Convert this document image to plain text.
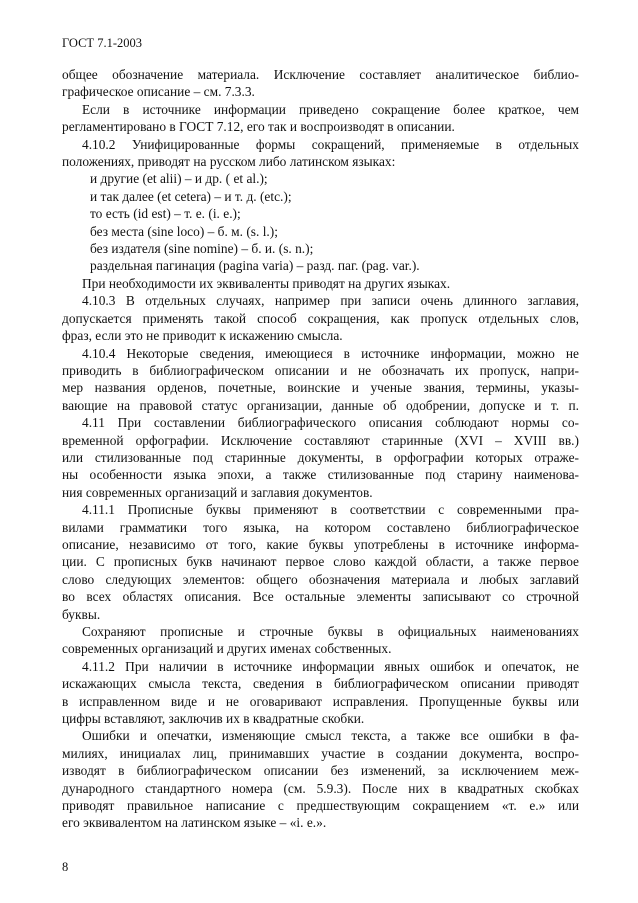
ГОСТ 7.1-2003

общее обозначение материала. Исключение составляет аналитическое библио-

графическое описание – см. 7.3.3.

Если в источнике информации приведено сокращение более краткое, чем

регламентировано в ГОСТ 7.12, его так и воспроизводят в описании.

4.10.2 Унифицированные формы сокращений, применяемые в отдельных

положениях, приводят на русском либо латинском языках:

и другие (et alii) – и др. ( et al.);

и так далее (et cetera) – и т. д. (etc.);

то есть (id est) – т. е. (i. e.);

без места (sine loco) – б. м. (s. l.);

без издателя (sine nomine) – б. и. (s. n.);

раздельная пагинация (pagina varia) – разд. паг. (pag. var.).

При необходимости их эквиваленты приводят на других языках.

4.10.3 В отдельных случаях, например при записи очень длинного заглавия,

допускается применять такой способ сокращения, как пропуск отдельных слов,

фраз, если это не приводит к искажению смысла.

4.10.4 Некоторые сведения, имеющиеся в источнике информации, можно не

приводить в библиографическом описании и не обозначать их пропуск, напри-

мер названия орденов, почетные, воинские и ученые звания, термины, указы-

вающие на правовой статус организации, данные об одобрении, допуске и т. п.

4.11 При составлении библиографического описания соблюдают нормы со-

временной орфографии. Исключение составляют старинные (XVI – XVIII вв.)

или стилизованные под старинные документы, в орфографии которых отраже-

ны особенности языка эпохи, а также стилизованные под старину наименова-

ния современных организаций и заглавия документов.

4.11.1 Прописные буквы применяют в соответствии с современными пра-

вилами грамматики того языка, на котором составлено библиографическое

описание, независимо от того, какие буквы употреблены в источнике информа-

ции. С прописных букв начинают первое слово каждой области, а также первое

слово следующих элементов: общего обозначения материала и любых заглавий

во всех областях описания. Все остальные элементы записывают со строчной

буквы.

Сохраняют прописные и строчные буквы в официальных наименованиях

современных организаций и других именах собственных.

4.11.2 При наличии в источнике информации явных ошибок и опечаток, не

искажающих смысла текста, сведения в библиографическом описании приводят

в исправленном виде и не оговаривают исправления. Пропущенные буквы или

цифры вставляют, заключив их в квадратные скобки.

Ошибки и опечатки, изменяющие смысл текста, а также все ошибки в фа-

милиях, инициалах лиц, принимавших участие в создании документа, воспро-

изводят в библиографическом описании без изменений, за исключением меж-

дународного стандартного номера (см. 5.9.3). После них в квадратных скобках

приводят правильное написание с предшествующим сокращением «т. е.» или

его эквивалентом на латинском языке – «i. e.».

8
